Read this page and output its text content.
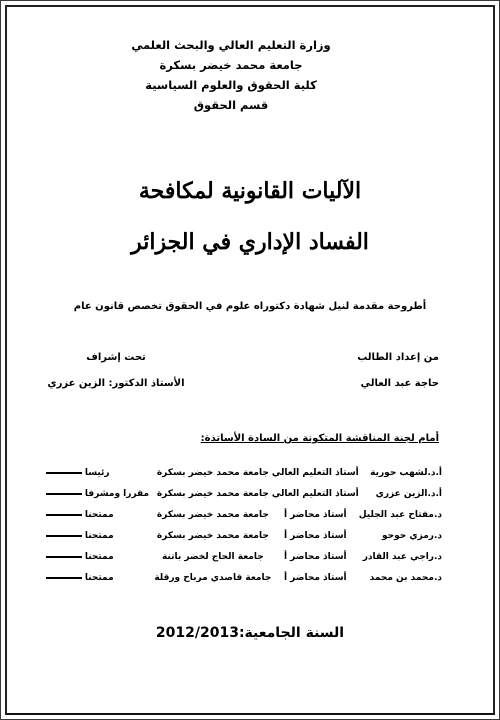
وزارة التعليم العالي والبحث العلمي
جامعة محمد خيضر بسكرة
كلية الحقوق والعلوم السياسية
قسم الحقوق
الآليات القانونية لمكافحة
الفساد الإداري في الجزائر
أطروحة مقدمة لنيل شهادة دكتوراه علوم في الحقوق تخصص قانون عام
من إعداد الطالب
حاجة عبد العالي
تحت إشراف
الأستاذ الدكتور: الزين عزري
أمام لجنة المناقشة المتكونة من السادة الأساتذة:
أ.د.لشهب حورية	أستاذ التعليم العالي	جامعة محمد خيضر بسكرة	رئيسا

أ.د.الزين عزري	أستاذ التعليم العالي	جامعة محمد خيضر بسكرة	مقررا ومشرفا

د.مفتاح عبد الجليل	أستاذ محاضر أ	جامعة محمد خيضر بسكرة	ممتحنا

د.رمزي حوحو	أستاذ محاضر أ	جامعة محمد خيضر بسكرة	ممتحنا

د.راجي عبد القادر	أستاذ محاضر أ	جامعة الحاج لخضر باتنة	ممتحنا

د.محمد بن محمد	أستاذ محاضر أ	جامعة قاصدي مرباح ورقلة	ممتحنا
السنة الجامعية:2012/2013
